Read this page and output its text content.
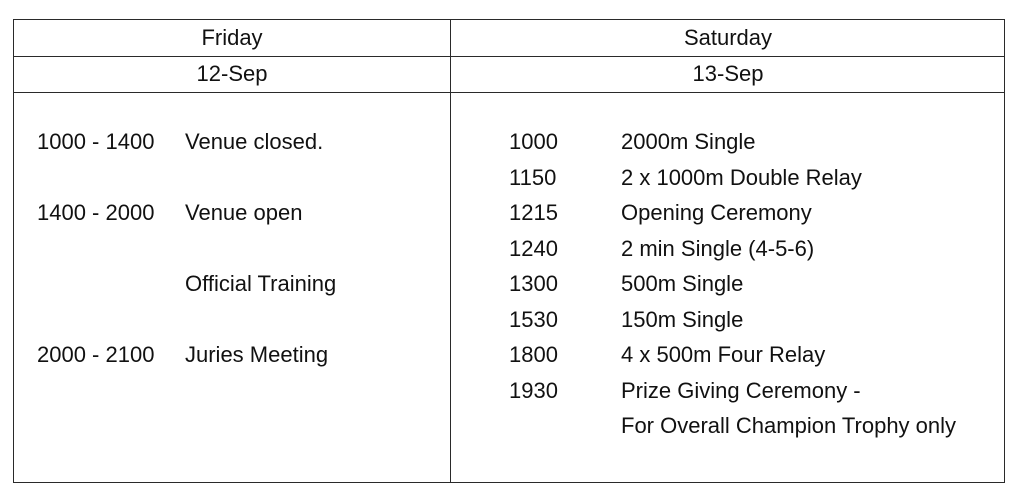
Friday	Saturday
12-Sep	13-Sep
1000 - 1400 Venue closed.
1400 - 2000 Venue open
Official Training
2000 - 2100 Juries Meeting
1000	2000m Single
1150	2 x 1000m Double Relay
1215	Opening Ceremony
1240	2 min Single (4-5-6)
1300	500m Single
1530	150m Single
1800	4 x 500m Four Relay
1930	Prize Giving Ceremony -
For Overall Champion Trophy only
